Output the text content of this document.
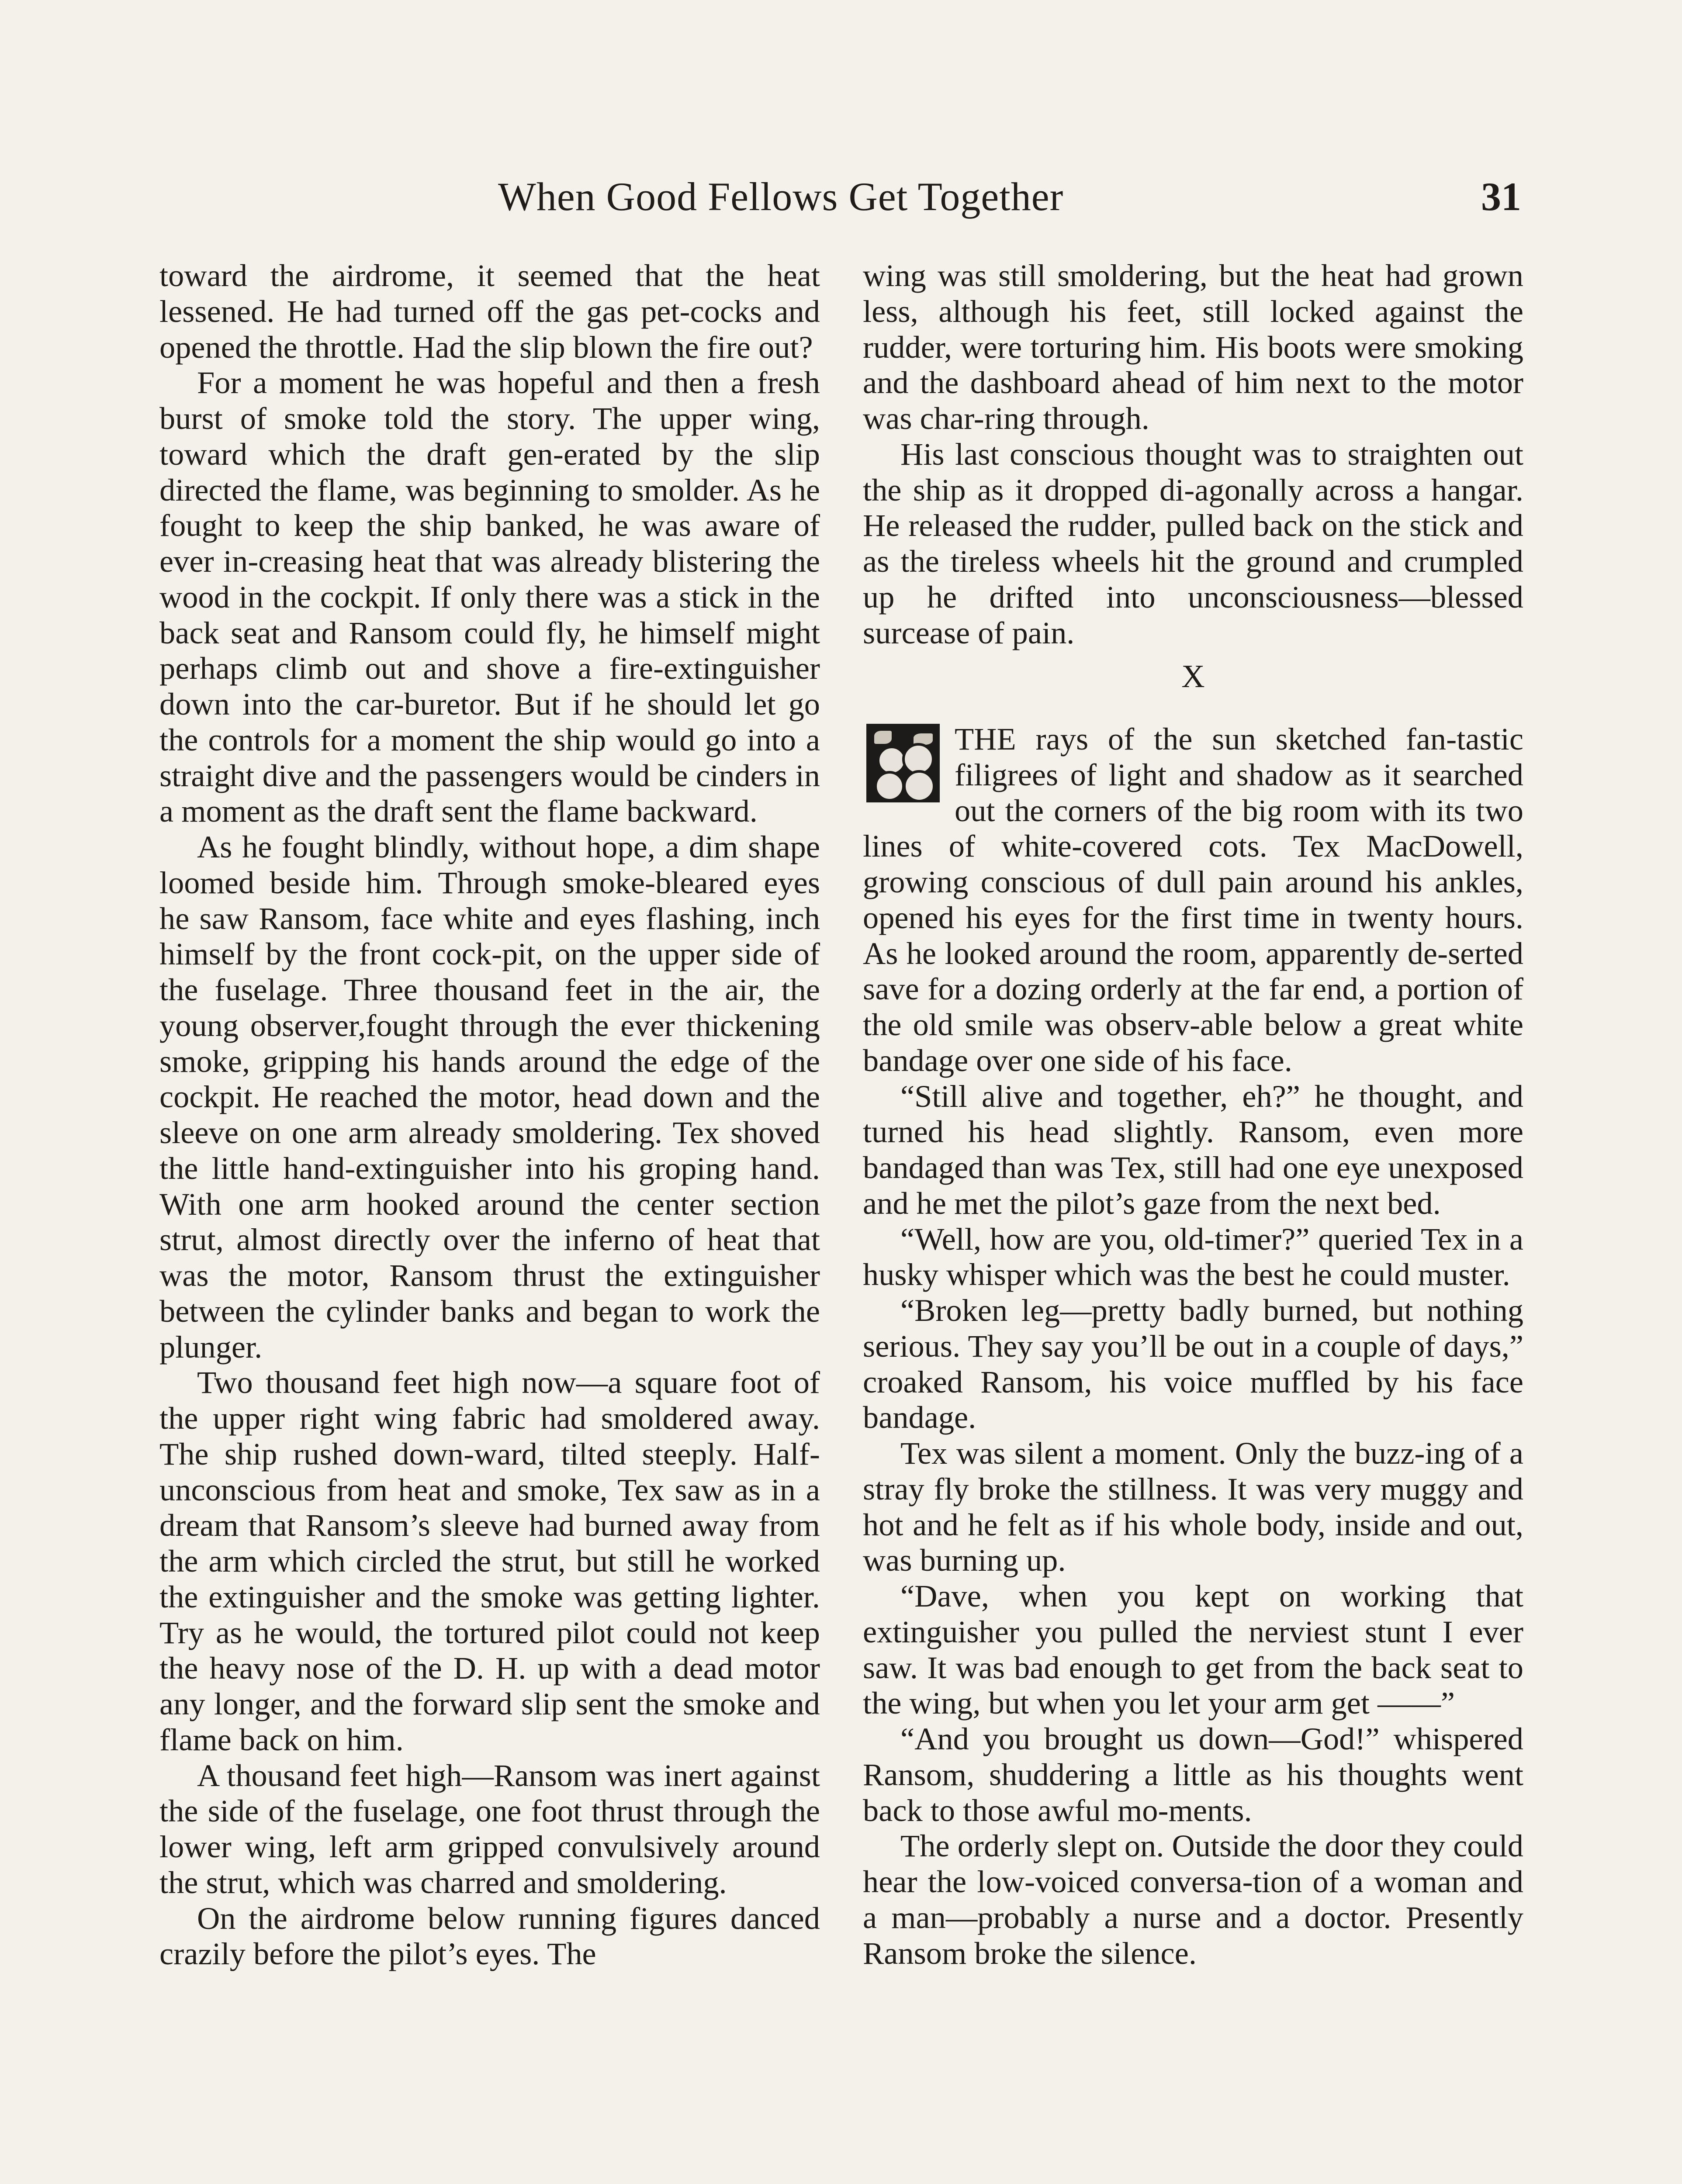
When Good Fellows Get Together	31

toward the airdrome, it seemed that the heat lessened. He had turned off the gas pet-cocks and opened the throttle. Had the slip blown the fire out?

For a moment he was hopeful and then a fresh burst of smoke told the story. The upper wing, toward which the draft gen-erated by the slip directed the flame, was beginning to smolder. As he fought to keep the ship banked, he was aware of ever in-creasing heat that was already blistering the wood in the cockpit. If only there was a stick in the back seat and Ransom could fly, he himself might perhaps climb out and shove a fire-extinguisher down into the car-buretor. But if he should let go the controls for a moment the ship would go into a straight dive and the passengers would be cinders in a moment as the draft sent the flame backward.

As he fought blindly, without hope, a dim shape loomed beside him. Through smoke-bleared eyes he saw Ransom, face white and eyes flashing, inch himself by the front cock-pit, on the upper side of the fuselage. Three thousand feet in the air, the young observer,fought through the ever thickening smoke, gripping his hands around the edge of the cockpit. He reached the motor, head down and the sleeve on one arm already smoldering. Tex shoved the little hand-extinguisher into his groping hand. With one arm hooked around the center section strut, almost directly over the inferno of heat that was the motor, Ransom thrust the extinguisher between the cylinder banks and began to work the plunger.

Two thousand feet high now—a square foot of the upper right wing fabric had smoldered away. The ship rushed down-ward, tilted steeply. Half-unconscious from heat and smoke, Tex saw as in a dream that Ransom’s sleeve had burned away from the arm which circled the strut, but still he worked the extinguisher and the smoke was getting lighter. Try as he would, the tortured pilot could not keep the heavy nose of the D. H. up with a dead motor any longer, and the forward slip sent the smoke and flame back on him.

A thousand feet high—Ransom was inert against the side of the fuselage, one foot thrust through the lower wing, left arm gripped convulsively around the strut, which was charred and smoldering.

On the airdrome below running figures danced crazily before the pilot’s eyes. The

wing was still smoldering, but the heat had grown less, although his feet, still locked against the rudder, were torturing him. His boots were smoking and the dashboard ahead of him next to the motor was char-ring through.

His last conscious thought was to straighten out the ship as it dropped di-agonally across a hangar. He released the rudder, pulled back on the stick and as the tireless wheels hit the ground and crumpled up he drifted into unconsciousness—blessed surcease of pain.

X

THE rays of the sun sketched fan-tastic filigrees of light and shadow as it searched out the corners of the big room with its two lines of white-covered cots. Tex MacDowell, growing conscious of dull pain around his ankles, opened his eyes for the first time in twenty hours. As he looked around the room, apparently de-serted save for a dozing orderly at the far end, a portion of the old smile was observ-able below a great white bandage over one side of his face.

“Still alive and together, eh?” he thought, and turned his head slightly. Ransom, even more bandaged than was Tex, still had one eye unexposed and he met the pilot’s gaze from the next bed.

“Well, how are you, old-timer?” queried Tex in a husky whisper which was the best he could muster.

“Broken leg—pretty badly burned, but nothing serious. They say you’ll be out in a couple of days,” croaked Ransom, his voice muffled by his face bandage.

Tex was silent a moment. Only the buzz-ing of a stray fly broke the stillness. It was very muggy and hot and he felt as if his whole body, inside and out, was burning up.

“Dave, when you kept on working that extinguisher you pulled the nerviest stunt I ever saw. It was bad enough to get from the back seat to the wing, but when you let your arm get ——”

“And you brought us down—God!” whispered Ransom, shuddering a little as his thoughts went back to those awful mo-ments.

The orderly slept on. Outside the door they could hear the low-voiced conversa-tion of a woman and a man—probably a nurse and a doctor. Presently Ransom broke the silence.
